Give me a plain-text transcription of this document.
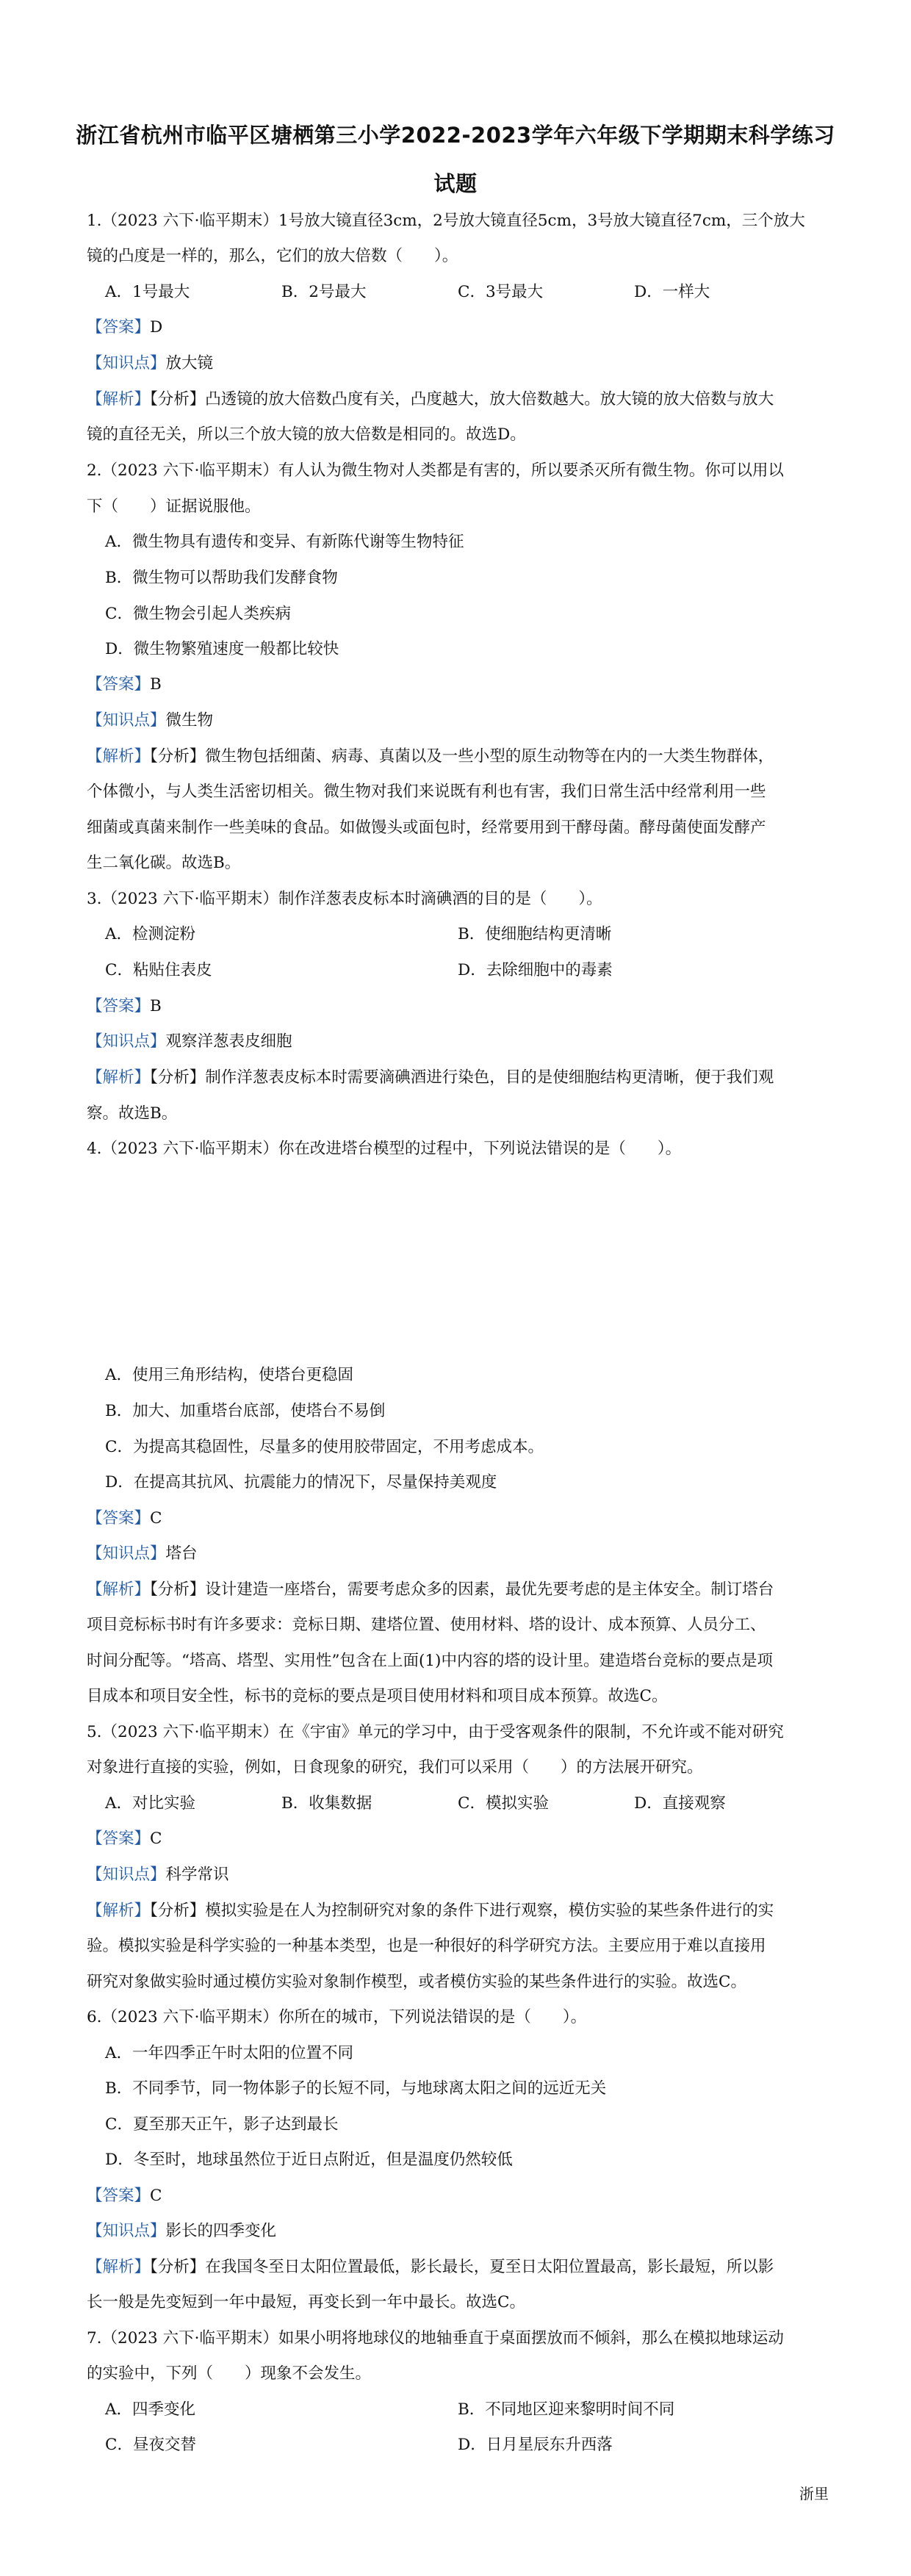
浙江省杭州市临平区塘栖第三小学2022-2023学年六年级下学期期末科学练习
试题
1.（2023 六下·临平期末）1号放大镜直径3cm，2号放大镜直径5cm，3号放大镜直径7cm，三个放大
镜的凸度是一样的，那么，它们的放大倍数（　　）。
A．1号最大	B．2号最大	C．3号最大	D．一样大
【答案】D
【知识点】放大镜
【解析】【分析】凸透镜的放大倍数凸度有关，凸度越大，放大倍数越大。放大镜的放大倍数与放大
镜的直径无关，所以三个放大镜的放大倍数是相同的。故选D。
2.（2023 六下·临平期末）有人认为微生物对人类都是有害的，所以要杀灭所有微生物。你可以用以
下（　　）证据说服他。
A．微生物具有遗传和变异、有新陈代谢等生物特征
B．微生物可以帮助我们发酵食物
C．微生物会引起人类疾病
D．微生物繁殖速度一般都比较快
【答案】B
【知识点】微生物
【解析】【分析】微生物包括细菌、病毒、真菌以及一些小型的原生动物等在内的一大类生物群体，
个体微小，与人类生活密切相关。微生物对我们来说既有利也有害，我们日常生活中经常利用一些
细菌或真菌来制作一些美味的食品。如做馒头或面包时，经常要用到干酵母菌。酵母菌使面发酵产
生二氧化碳。故选B。
3.（2023 六下·临平期末）制作洋葱表皮标本时滴碘酒的目的是（　　）。
A．检测淀粉	B．使细胞结构更清晰
C．粘贴住表皮	D．去除细胞中的毒素
【答案】B
【知识点】观察洋葱表皮细胞
【解析】【分析】制作洋葱表皮标本时需要滴碘酒进行染色，目的是使细胞结构更清晰，便于我们观
察。故选B。
4.（2023 六下·临平期末）你在改进塔台模型的过程中，下列说法错误的是（　　）。
A．使用三角形结构，使塔台更稳固
B．加大、加重塔台底部，使塔台不易倒
C．为提高其稳固性，尽量多的使用胶带固定，不用考虑成本。
D．在提高其抗风、抗震能力的情况下，尽量保持美观度
【答案】C
【知识点】塔台
【解析】【分析】设计建造一座塔台，需要考虑众多的因素，最优先要考虑的是主体安全。制订塔台
项目竞标标书时有许多要求：竞标日期、建塔位置、使用材料、塔的设计、成本预算、人员分工、
时间分配等。“塔高、塔型、实用性”包含在上面(1)中内容的塔的设计里。建造塔台竞标的要点是项
目成本和项目安全性，标书的竞标的要点是项目使用材料和项目成本预算。故选C。
5.（2023 六下·临平期末）在《宇宙》单元的学习中，由于受客观条件的限制，不允许或不能对研究
对象进行直接的实验，例如，日食现象的研究，我们可以采用（　　）的方法展开研究。
A．对比实验	B．收集数据	C．模拟实验	D．直接观察
【答案】C
【知识点】科学常识
【解析】【分析】模拟实验是在人为控制研究对象的条件下进行观察，模仿实验的某些条件进行的实
验。模拟实验是科学实验的一种基本类型，也是一种很好的科学研究方法。主要应用于难以直接用
研究对象做实验时通过模仿实验对象制作模型，或者模仿实验的某些条件进行的实验。故选C。
6.（2023 六下·临平期末）你所在的城市，下列说法错误的是（　　）。
A．一年四季正午时太阳的位置不同
B．不同季节，同一物体影子的长短不同，与地球离太阳之间的远近无关
C．夏至那天正午，影子达到最长
D．冬至时，地球虽然位于近日点附近，但是温度仍然较低
【答案】C
【知识点】影长的四季变化
【解析】【分析】在我国冬至日太阳位置最低，影长最长，夏至日太阳位置最高，影长最短，所以影
长一般是先变短到一年中最短，再变长到一年中最长。故选C。
7.（2023 六下·临平期末）如果小明将地球仪的地轴垂直于桌面摆放而不倾斜，那么在模拟地球运动
的实验中，下列（　　）现象不会发生。
A．四季变化	B．不同地区迎来黎明时间不同
C．昼夜交替	D．日月星辰东升西落
浙里
